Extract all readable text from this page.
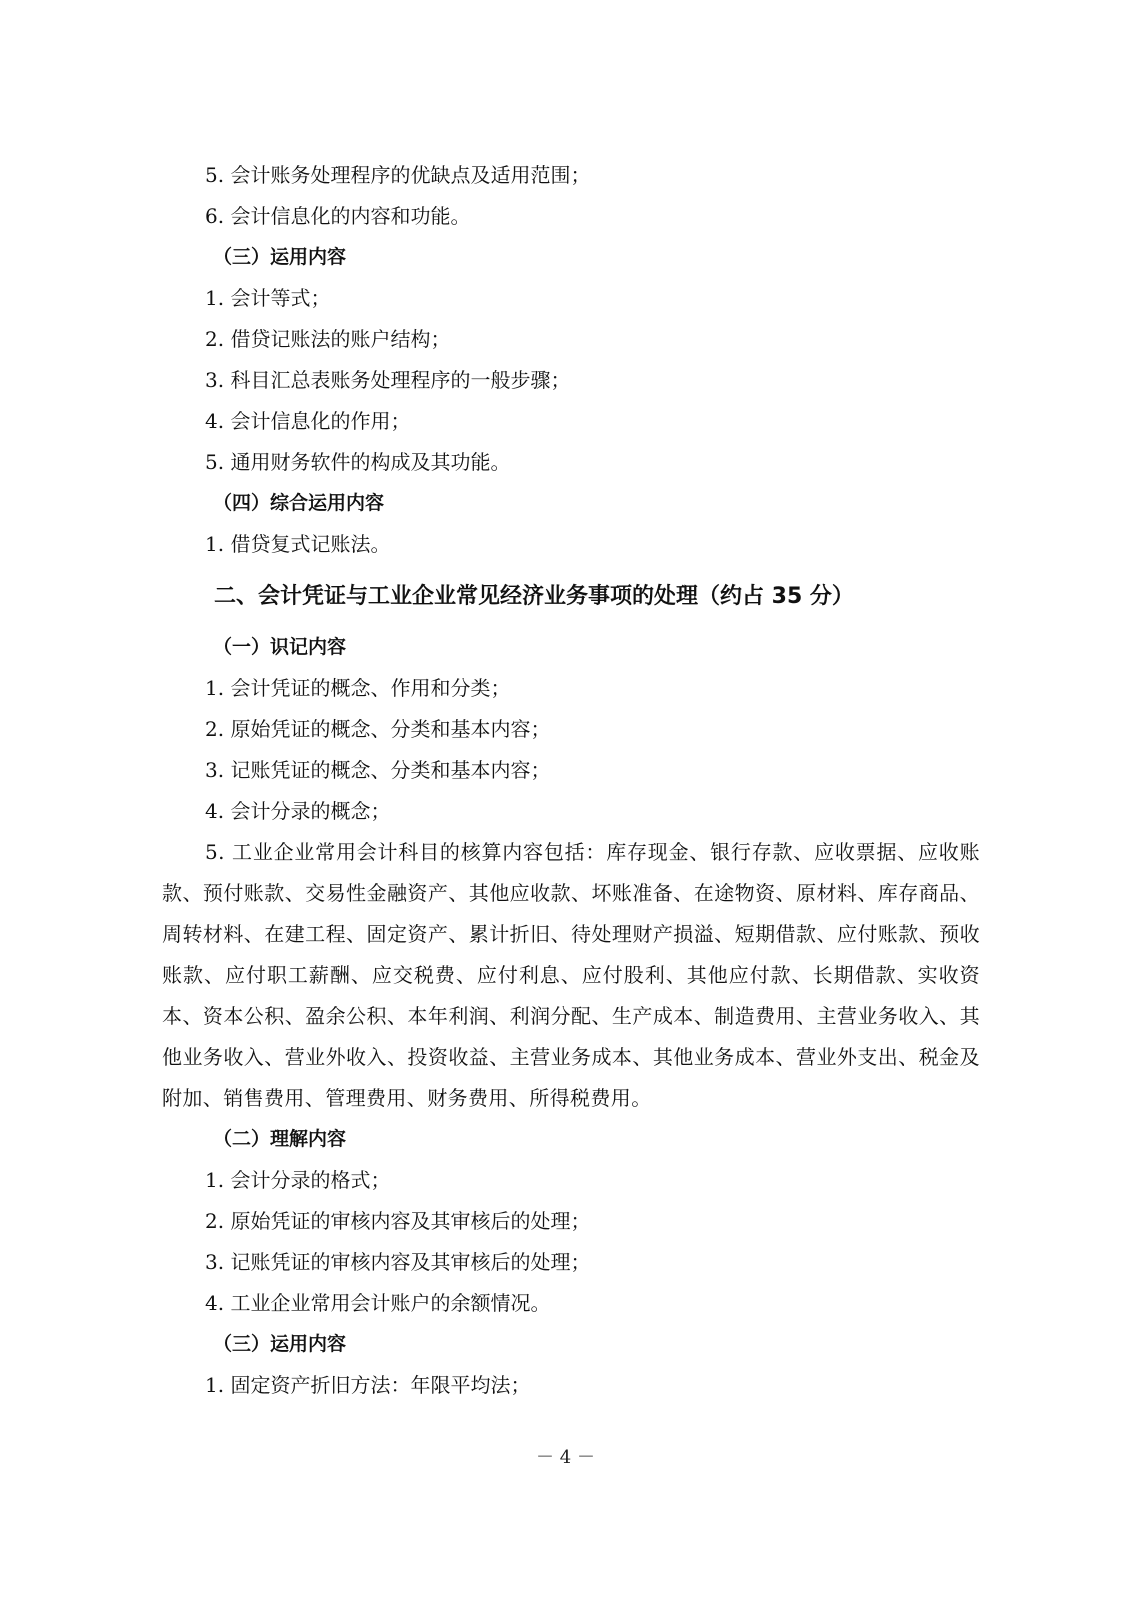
5. 会计账务处理程序的优缺点及适用范围；
6. 会计信息化的内容和功能。
（三）运用内容
1. 会计等式；
2. 借贷记账法的账户结构；
3. 科目汇总表账务处理程序的一般步骤；
4. 会计信息化的作用；
5. 通用财务软件的构成及其功能。
（四）综合运用内容
1. 借贷复式记账法。
二、会计凭证与工业企业常见经济业务事项的处理（约占 35 分）
（一）识记内容
1. 会计凭证的概念、作用和分类；
2. 原始凭证的概念、分类和基本内容；
3. 记账凭证的概念、分类和基本内容；
4. 会计分录的概念；
5. 工业企业常用会计科目的核算内容包括：库存现金、银行存款、应收票据、应收账款、预付账款、交易性金融资产、其他应收款、坏账准备、在途物资、原材料、库存商品、周转材料、在建工程、固定资产、累计折旧、待处理财产损溢、短期借款、应付账款、预收账款、应付职工薪酬、应交税费、应付利息、应付股利、其他应付款、长期借款、实收资本、资本公积、盈余公积、本年利润、利润分配、生产成本、制造费用、主营业务收入、其他业务收入、营业外收入、投资收益、主营业务成本、其他业务成本、营业外支出、税金及附加、销售费用、管理费用、财务费用、所得税费用。
（二）理解内容
1. 会计分录的格式；
2. 原始凭证的审核内容及其审核后的处理；
3. 记账凭证的审核内容及其审核后的处理；
4. 工业企业常用会计账户的余额情况。
（三）运用内容
1. 固定资产折旧方法：年限平均法；
－ 4 －
